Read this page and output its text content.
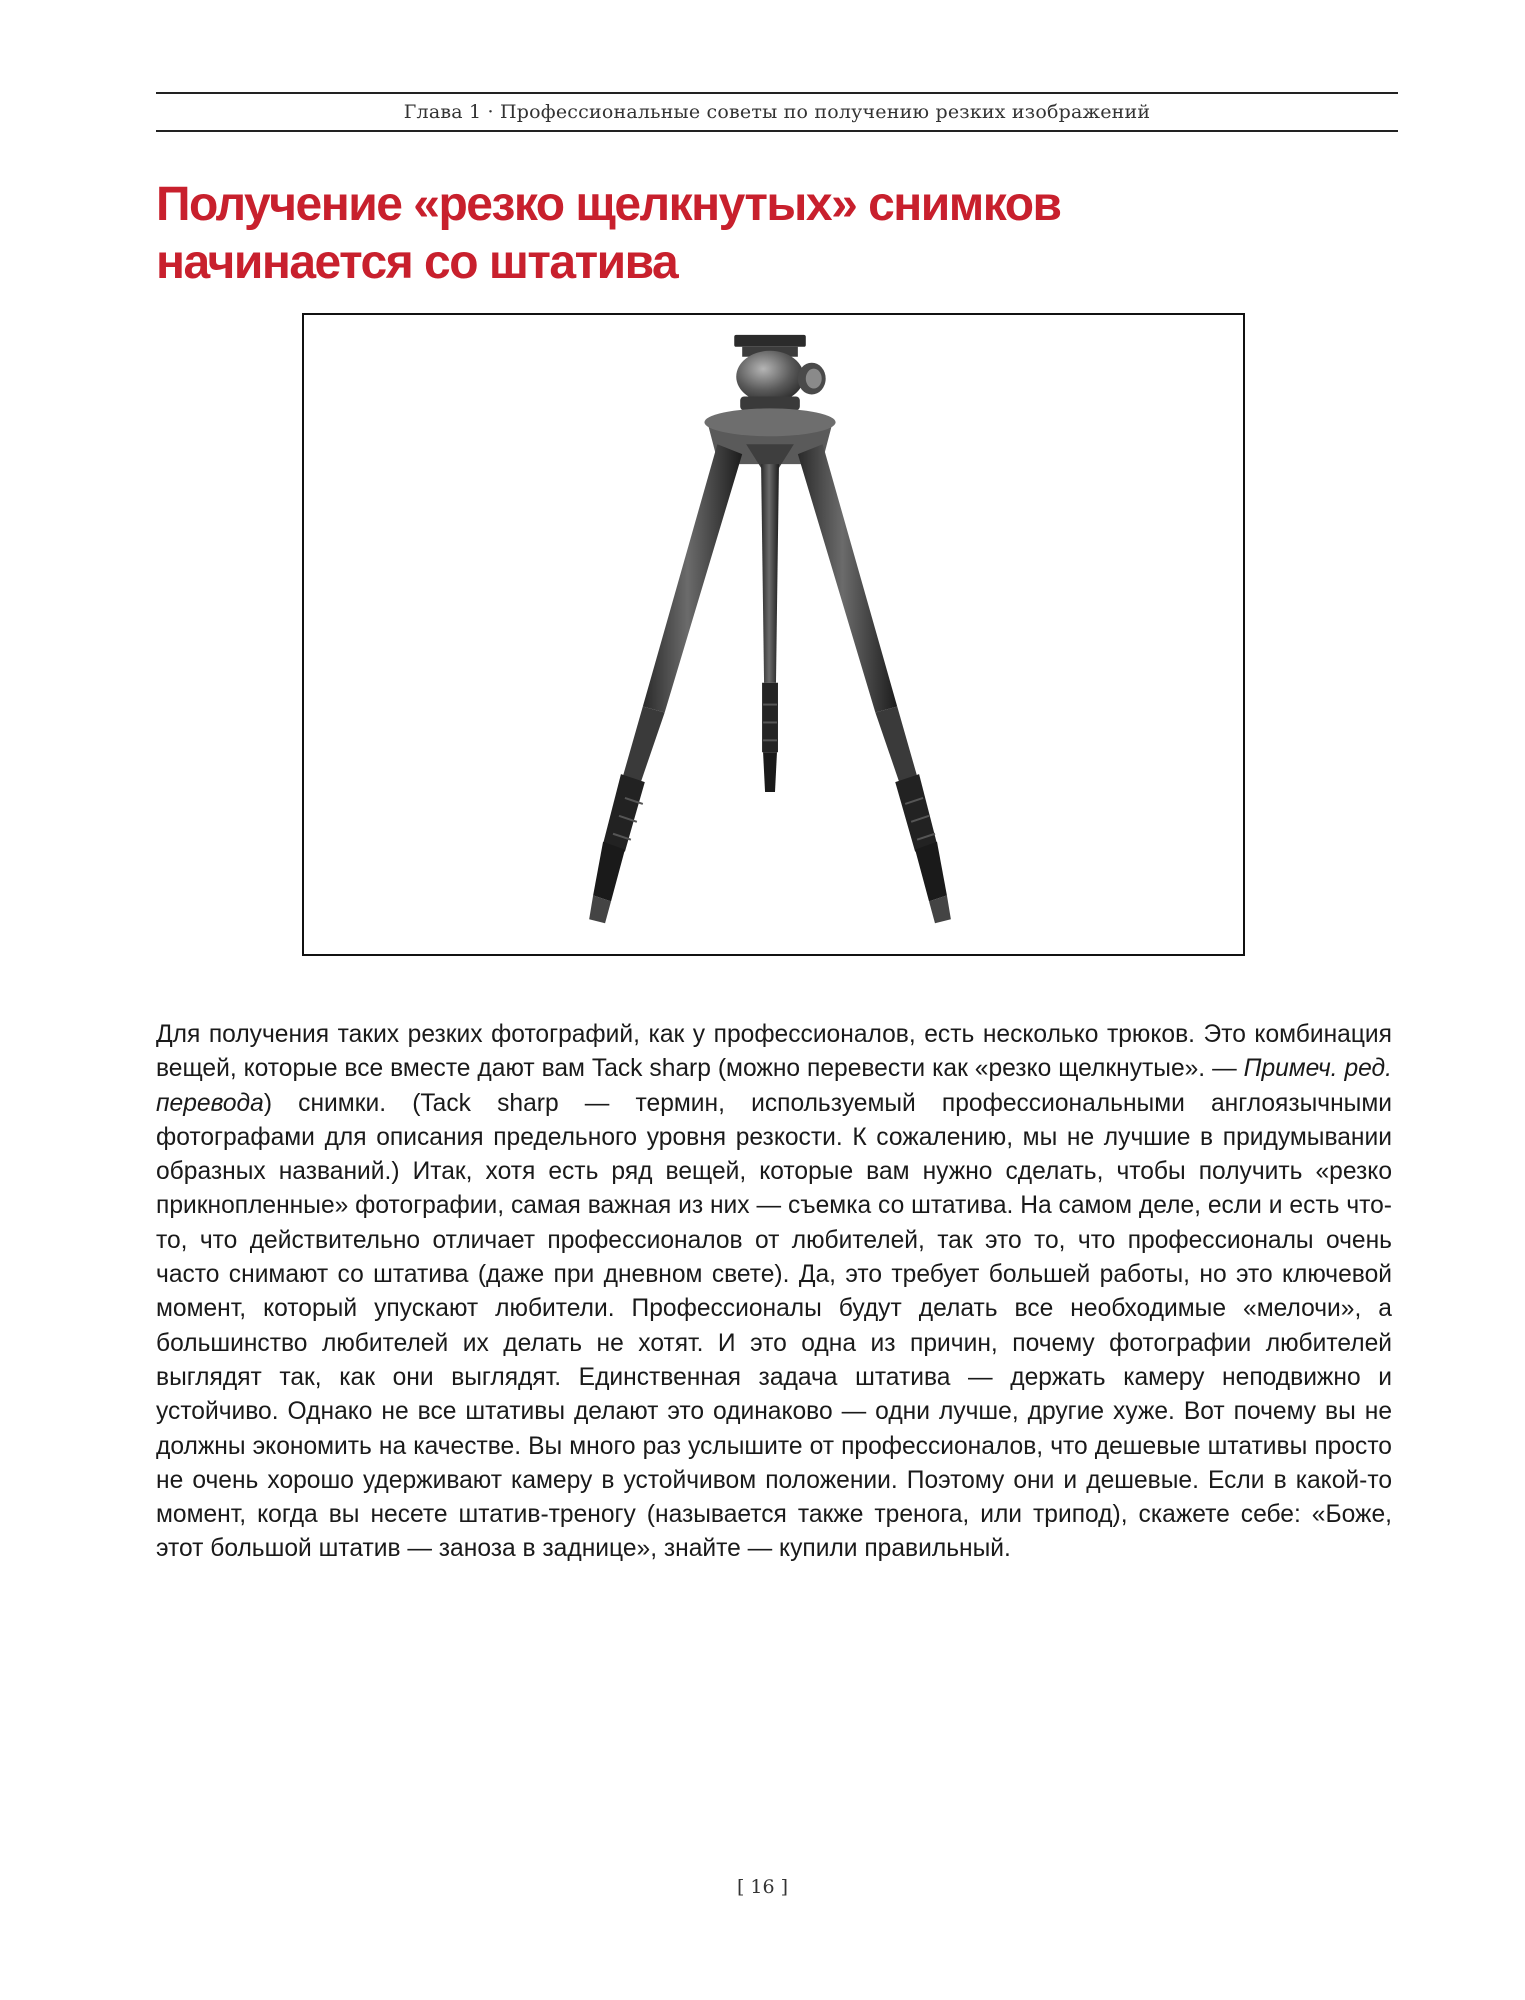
Глава 1 · Профессиональные советы по получению резких изображений
Получение «резко щелкнутых» снимков
начинается со штатива

Для получения таких резких фотографий, как у профессионалов, есть несколько трюков. Это комбинация вещей, которые все вместе дают вам Tack sharp (можно перевести как «резко щелкнутые». — Примеч. ред. перевода) снимки. (Tack sharp — термин, используемый профессиональными англоязычными фотографами для описания предельного уровня резкости. К сожалению, мы не лучшие в придумывании образных названий.) Итак, хотя есть ряд вещей, которые вам нужно сделать, чтобы получить «резко прикнопленные» фотографии, самая важная из них — съемка со штатива. На самом деле, если и есть что-то, что действительно отличает профессионалов от любителей, так это то, что профессионалы очень часто снимают со штатива (даже при дневном свете). Да, это требует большей работы, но это ключевой момент, который упускают любители. Профессионалы будут делать все необходимые «мелочи», а большинство любителей их делать не хотят. И это одна из причин, почему фотографии любителей выглядят так, как они выглядят. Единственная задача штатива — держать камеру неподвижно и устойчиво. Однако не все штативы делают это одинаково — одни лучше, другие хуже. Вот почему вы не должны экономить на качестве. Вы много раз услышите от профессионалов, что дешевые штативы просто не очень хорошо удерживают камеру в устойчивом положении. Поэтому они и дешевые. Если в какой-то момент, когда вы несете штатив-треногу (называется также тренога, или трипод), скажете себе: «Боже, этот большой штатив — заноза в заднице», знайте — купили правильный.

[ 16 ]
